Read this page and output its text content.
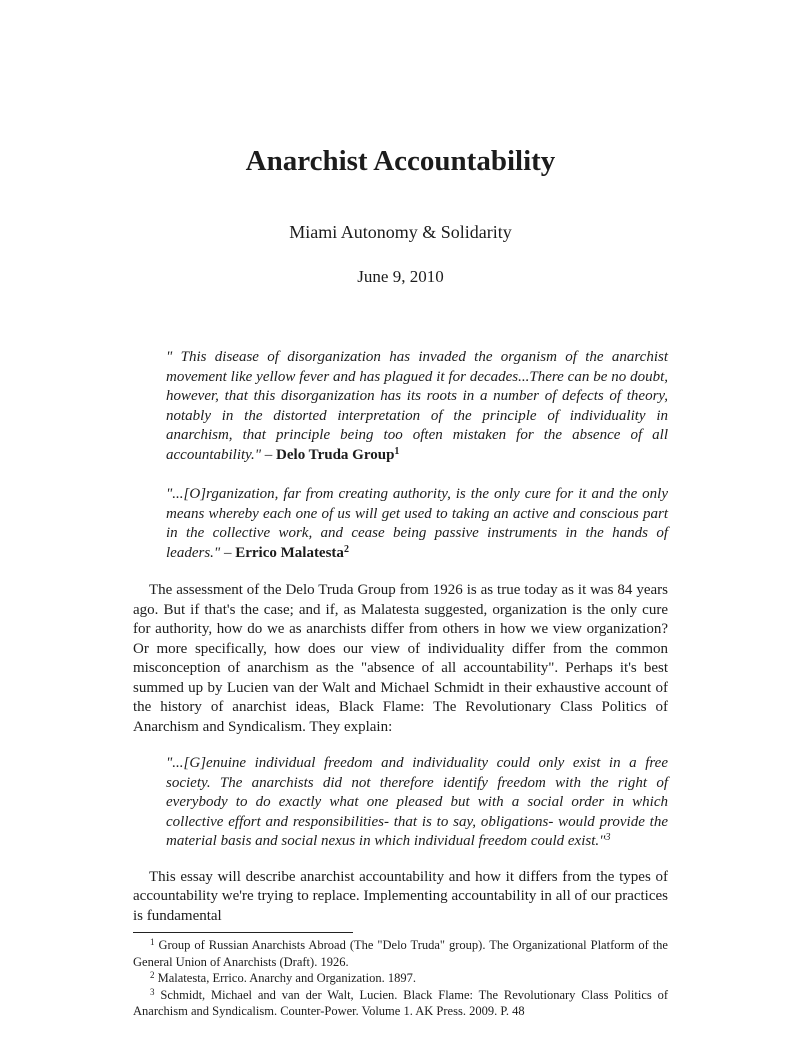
Anarchist Accountability
Miami Autonomy & Solidarity
June 9, 2010

" This disease of disorganization has invaded the organism of the anarchist movement like yellow fever and has plagued it for decades...There can be no doubt, however, that this disorganization has its roots in a number of defects of theory, notably in the distorted interpretation of the principle of individuality in anarchism, that principle being too often mistaken for the absence of all accountability." – Delo Truda Group$^1$

"...[O]rganization, far from creating authority, is the only cure for it and the only means whereby each one of us will get used to taking an active and conscious part in the collective work, and cease being passive instruments in the hands of leaders." – Errico Malatesta$^2$

The assessment of the Delo Truda Group from 1926 is as true today as it was 84 years ago. But if that's the case; and if, as Malatesta suggested, organization is the only cure for authority, how do we as anarchists differ from others in how we view organization? Or more specifically, how does our view of individuality differ from the common misconception of anarchism as the "absence of all accountability". Perhaps it's best summed up by Lucien van der Walt and Michael Schmidt in their exhaustive account of the history of anarchist ideas, Black Flame: The Revolutionary Class Politics of Anarchism and Syndicalism. They explain:

"...[G]enuine individual freedom and individuality could only exist in a free society. The anarchists did not therefore identify freedom with the right of everybody to do exactly what one pleased but with a social order in which collective effort and responsibilities- that is to say, obligations- would provide the material basis and social nexus in which individual freedom could exist."$^3$

This essay will describe anarchist accountability and how it differs from the types of accountability we're trying to replace. Implementing accountability in all of our practices is fundamental

$^1$ Group of Russian Anarchists Abroad (The "Delo Truda" group). The Organizational Platform of the General Union of Anarchists (Draft). 1926.

$^2$ Malatesta, Errico. Anarchy and Organization. 1897.

$^3$ Schmidt, Michael and van der Walt, Lucien. Black Flame: The Revolutionary Class Politics of Anarchism and Syndicalism. Counter-Power. Volume 1. AK Press. 2009. P. 48
